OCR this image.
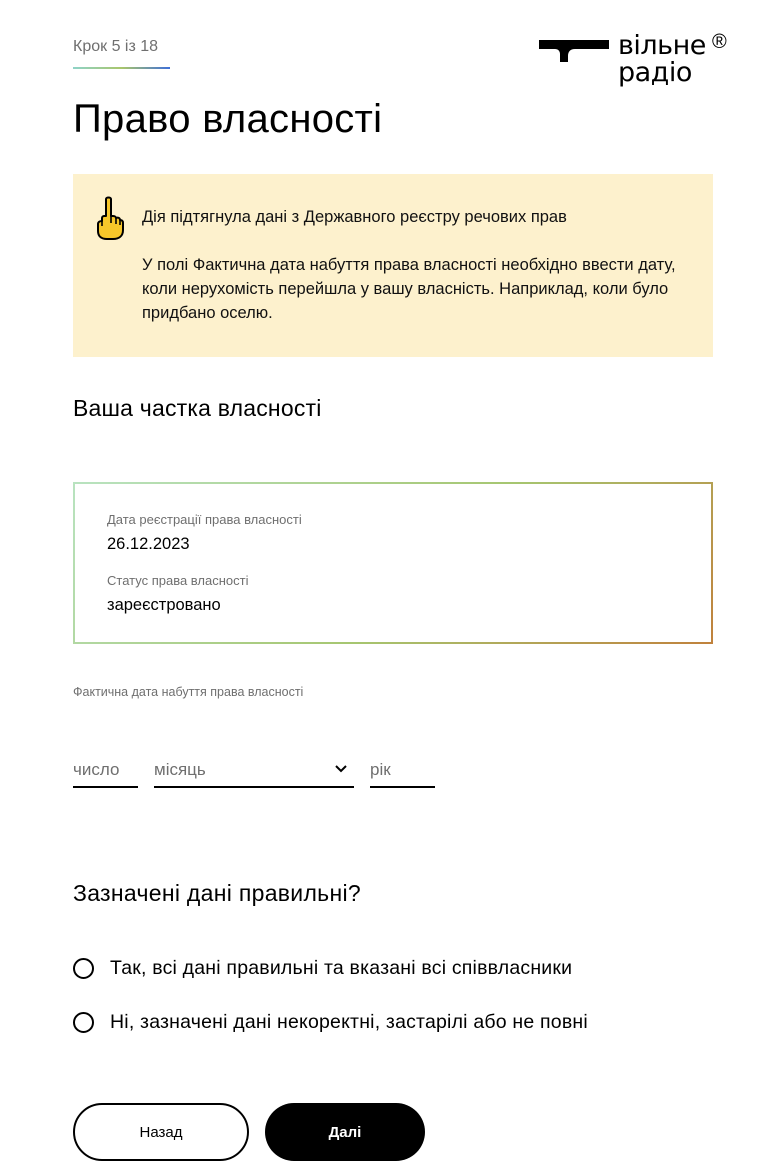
Крок 5 із 18	вільне
радіо
®
Право власності
Дія підтягнула дані з Державного реєстру речових прав
У полі Фактична дата набуття права власності необхідно ввести дату, коли нерухомість перейшла у вашу власність. Наприклад, коли було придбано оселю.
Ваша частка власності
Дата реєстрації права власності
26.12.2023
Статус права власності
зареєстровано
Фактична дата набуття права власності
число
місяць
рік
Зазначені дані правильні?
Так, всі дані правильні та вказані всі співвласники
Ні, зазначені дані некоректні, застарілі або не повні
Назад	Далі
